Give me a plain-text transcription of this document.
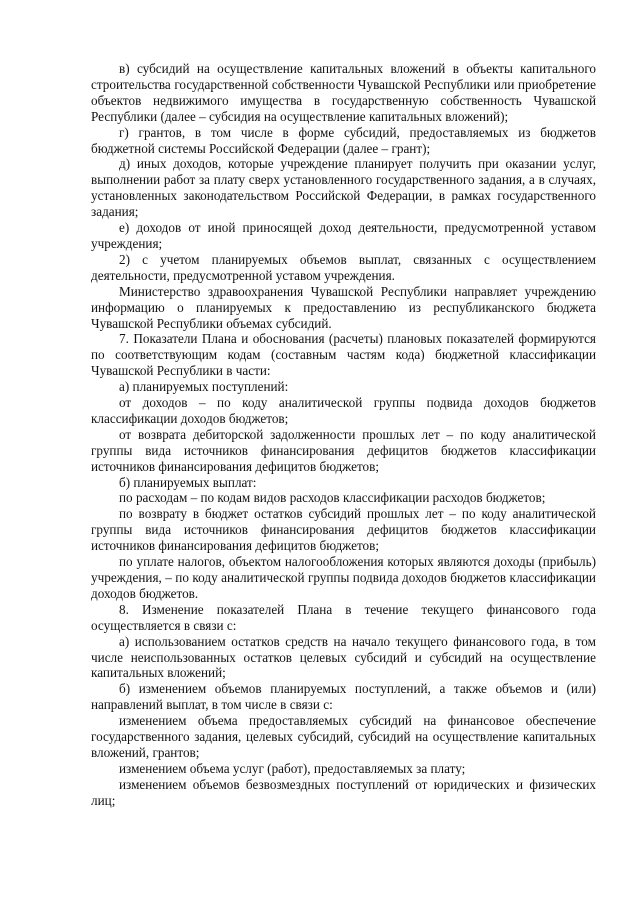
в) субсидий на осуществление капитальных вложений в объекты капитального строительства государственной собственности Чувашской Республики или приобретение объектов недвижимого имущества в государственную собственность Чувашской Республики (далее – субсидия на осуществление капитальных вложений);

г) грантов, в том числе в форме субсидий, предоставляемых из бюджетов бюджетной системы Российской Федерации (далее – грант);

д) иных доходов, которые учреждение планирует получить при оказании услуг, выполнении работ за плату сверх установленного государственного задания, а в случаях, установленных законодательством Российской Федерации, в рамках государственного задания;

е) доходов от иной приносящей доход деятельности, предусмотренной уставом учреждения;

2) с учетом планируемых объемов выплат, связанных с осуществлением деятельности, предусмотренной уставом учреждения.

Министерство здравоохранения Чувашской Республики направляет учреждению информацию о планируемых к предоставлению из республиканского бюджета Чувашской Республики объемах субсидий.

7. Показатели Плана и обоснования (расчеты) плановых показателей формируются по соответствующим кодам (составным частям кода) бюджетной классификации Чувашской Республики в части:

а) планируемых поступлений:

от доходов – по коду аналитической группы подвида доходов бюджетов классификации доходов бюджетов;

от возврата дебиторской задолженности прошлых лет – по коду аналитической группы вида источников финансирования дефицитов бюджетов классификации источников финансирования дефицитов бюджетов;

б) планируемых выплат:

по расходам – по кодам видов расходов классификации расходов бюджетов;

по возврату в бюджет остатков субсидий прошлых лет – по коду аналитической группы вида источников финансирования дефицитов бюджетов классификации источников финансирования дефицитов бюджетов;

по уплате налогов, объектом налогообложения которых являются доходы (прибыль) учреждения, – по коду аналитической группы подвида доходов бюджетов классификации доходов бюджетов.

8. Изменение показателей Плана в течение текущего финансового года осуществляется в связи с:

а) использованием остатков средств на начало текущего финансового года, в том числе неиспользованных остатков целевых субсидий и субсидий на осуществление капитальных вложений;

б) изменением объемов планируемых поступлений, а также объемов и (или) направлений выплат, в том числе в связи с:

изменением объема предоставляемых субсидий на финансовое обеспечение государственного задания, целевых субсидий, субсидий на осуществление капитальных вложений, грантов;

изменением объема услуг (работ), предоставляемых за плату;

изменением объемов безвозмездных поступлений от юридических и физических лиц;
